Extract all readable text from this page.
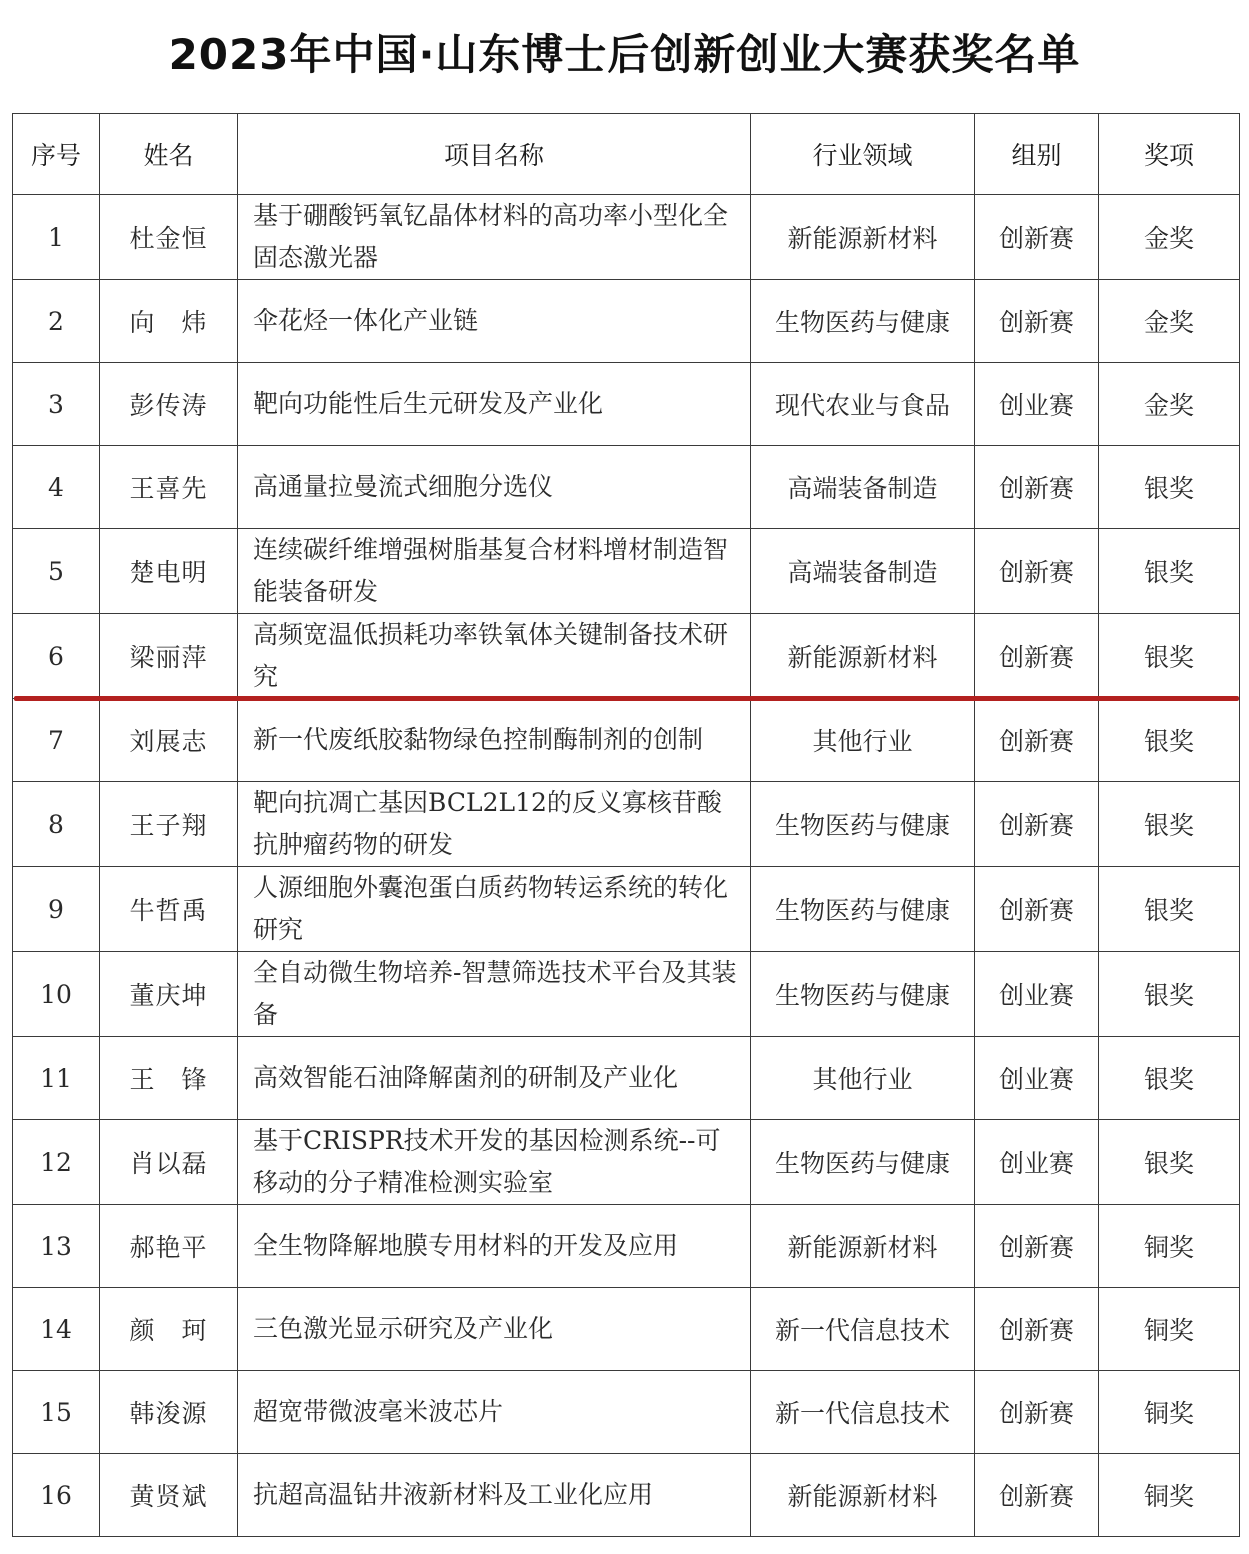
2023年中国·山东博士后创新创业大赛获奖名单
序号	姓名	项目名称	行业领域	组别	奖项
1	杜金恒	基于硼酸钙氧钇晶体材料的高功率小型化全固态激光器	新能源新材料	创新赛	金奖
2	向　炜	伞花烃一体化产业链	生物医药与健康	创新赛	金奖
3	彭传涛	靶向功能性后生元研发及产业化	现代农业与食品	创业赛	金奖
4	王喜先	高通量拉曼流式细胞分选仪	高端装备制造	创新赛	银奖
5	楚电明	连续碳纤维增强树脂基复合材料增材制造智能装备研发	高端装备制造	创新赛	银奖
6	梁丽萍	高频宽温低损耗功率铁氧体关键制备技术研究	新能源新材料	创新赛	银奖
7	刘展志	新一代废纸胶黏物绿色控制酶制剂的创制	其他行业	创新赛	银奖
8	王子翔	靶向抗凋亡基因BCL2L12的反义寡核苷酸抗肿瘤药物的研发	生物医药与健康	创新赛	银奖
9	牛哲禹	人源细胞外囊泡蛋白质药物转运系统的转化研究	生物医药与健康	创新赛	银奖
10	董庆坤	全自动微生物培养-智慧筛选技术平台及其装备	生物医药与健康	创业赛	银奖
11	王　锋	高效智能石油降解菌剂的研制及产业化	其他行业	创业赛	银奖
12	肖以磊	基于CRISPR技术开发的基因检测系统--可移动的分子精准检测实验室	生物医药与健康	创业赛	银奖
13	郝艳平	全生物降解地膜专用材料的开发及应用	新能源新材料	创新赛	铜奖
14	颜　珂	三色激光显示研究及产业化	新一代信息技术	创新赛	铜奖
15	韩浚源	超宽带微波毫米波芯片	新一代信息技术	创新赛	铜奖
16	黄贤斌	抗超高温钻井液新材料及工业化应用	新能源新材料	创新赛	铜奖
